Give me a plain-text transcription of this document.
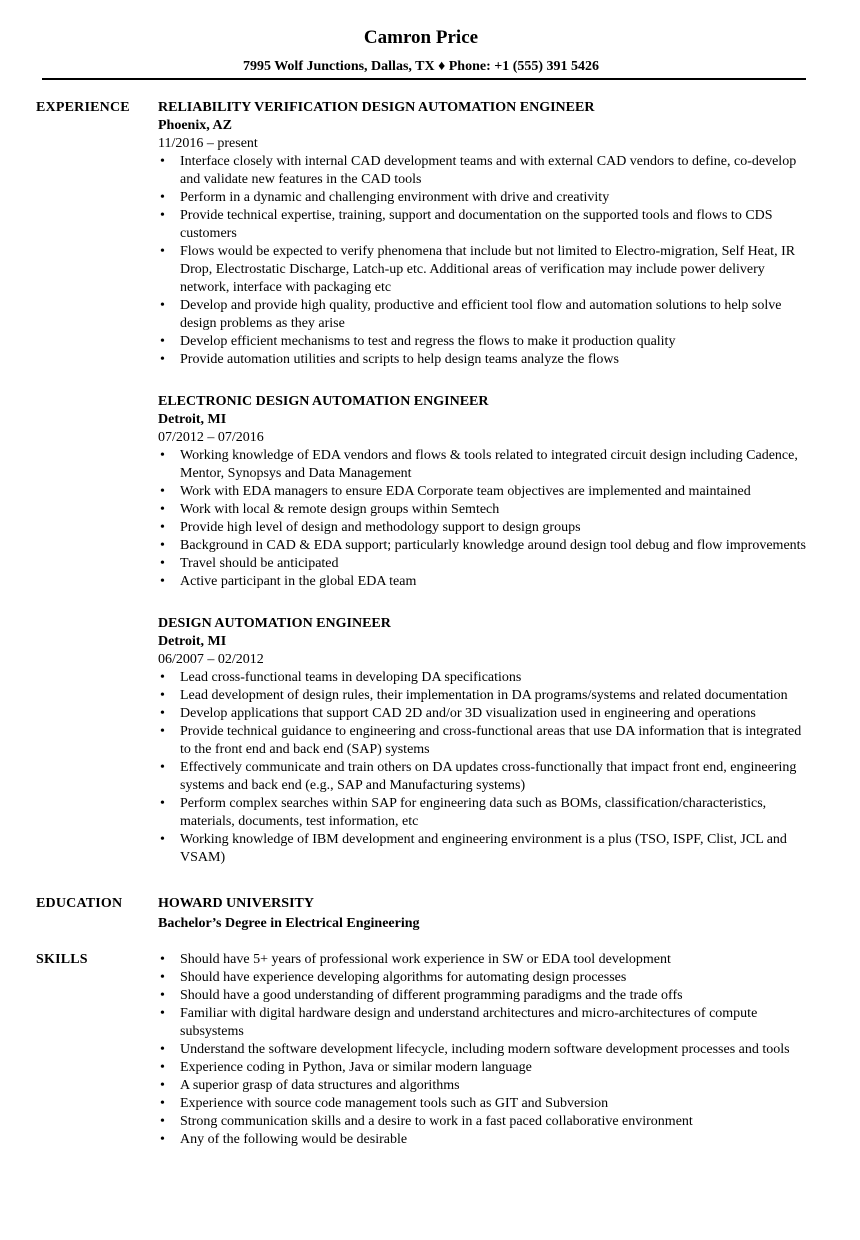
Camron Price
7995 Wolf Junctions, Dallas, TX ♦ Phone: +1 (555) 391 5426
EXPERIENCE	RELIABILITY VERIFICATION DESIGN AUTOMATION ENGINEER
Phoenix, AZ
11/2016 – present
• Interface closely with internal CAD development teams and with external CAD vendors to define, co-develop and validate new features in the CAD tools
• Perform in a dynamic and challenging environment with drive and creativity
• Provide technical expertise, training, support and documentation on the supported tools and flows to CDS customers
• Flows would be expected to verify phenomena that include but not limited to Electro-migration, Self Heat, IR Drop, Electrostatic Discharge, Latch-up etc. Additional areas of verification may include power delivery network, interface with packaging etc
• Develop and provide high quality, productive and efficient tool flow and automation solutions to help solve design problems as they arise
• Develop efficient mechanisms to test and regress the flows to make it production quality
• Provide automation utilities and scripts to help design teams analyze the flows
ELECTRONIC DESIGN AUTOMATION ENGINEER
Detroit, MI
07/2012 – 07/2016
• Working knowledge of EDA vendors and flows & tools related to integrated circuit design including Cadence, Mentor, Synopsys and Data Management
• Work with EDA managers to ensure EDA Corporate team objectives are implemented and maintained
• Work with local & remote design groups within Semtech
• Provide high level of design and methodology support to design groups
• Background in CAD & EDA support; particularly knowledge around design tool debug and flow improvements
• Travel should be anticipated
• Active participant in the global EDA team
DESIGN AUTOMATION ENGINEER
Detroit, MI
06/2007 – 02/2012
• Lead cross-functional teams in developing DA specifications
• Lead development of design rules, their implementation in DA programs/systems and related documentation
• Develop applications that support CAD 2D and/or 3D visualization used in engineering and operations
• Provide technical guidance to engineering and cross-functional areas that use DA information that is integrated to the front end and back end (SAP) systems
• Effectively communicate and train others on DA updates cross-functionally that impact front end, engineering systems and back end (e.g., SAP and Manufacturing systems)
• Perform complex searches within SAP for engineering data such as BOMs, classification/characteristics, materials, documents, test information, etc
• Working knowledge of IBM development and engineering environment is a plus (TSO, ISPF, Clist, JCL and VSAM)
EDUCATION	HOWARD UNIVERSITY
Bachelor’s Degree in Electrical Engineering
SKILLS
•	Should have 5+ years of professional work experience in SW or EDA tool development
• Should have experience developing algorithms for automating design processes
• Should have a good understanding of different programming paradigms and the trade offs
• Familiar with digital hardware design and understand architectures and micro-architectures of compute subsystems
• Understand the software development lifecycle, including modern software development processes and tools
• Experience coding in Python, Java or similar modern language
• A superior grasp of data structures and algorithms
• Experience with source code management tools such as GIT and Subversion
• Strong communication skills and a desire to work in a fast paced collaborative environment
• Any of the following would be desirable
